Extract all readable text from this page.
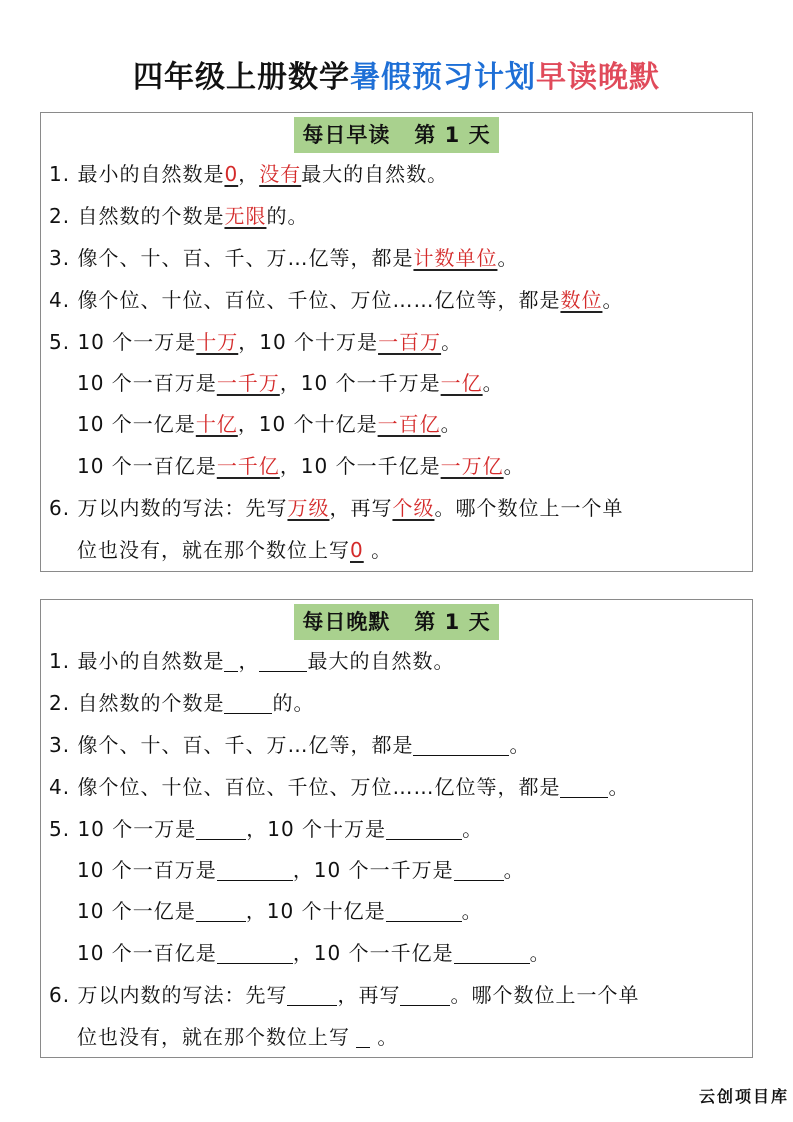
四年级上册数学暑假预习计划早读晚默
每日早读 第 1 天
1. 最小的自然数是0，没有最大的自然数。
2. 自然数的个数是无限的。
3. 像个、十、百、千、万…亿等，都是计数单位。
4. 像个位、十位、百位、千位、万位……亿位等，都是数位。
5. 10 个一万是十万，10 个十万是一百万。
10 个一百万是一千万，10 个一千万是一亿。
10 个一亿是十亿，10 个十亿是一百亿。
10 个一百亿是一千亿，10 个一千亿是一万亿。
6. 万以内数的写法：先写万级，再写个级。哪个数位上一个单
位也没有，就在那个数位上写0 。
每日晚默 第 1 天
1. 最小的自然数是 ， 最大的自然数。
2. 自然数的个数是 的。
3. 像个、十、百、千、万…亿等，都是	。
4. 像个位、十位、百位、千位、万位……亿位等，都是 。
5. 10 个一万是	，10 个十万是	。
10 个一百万是	，10 个一千万是	。
10 个一亿是	，10 个十亿是	。
10 个一百亿是	，10 个一千亿是	。
6. 万以内数的写法：先写	，再写	。哪个数位上一个单
位也没有，就在那个数位上写 。
云创项目库
